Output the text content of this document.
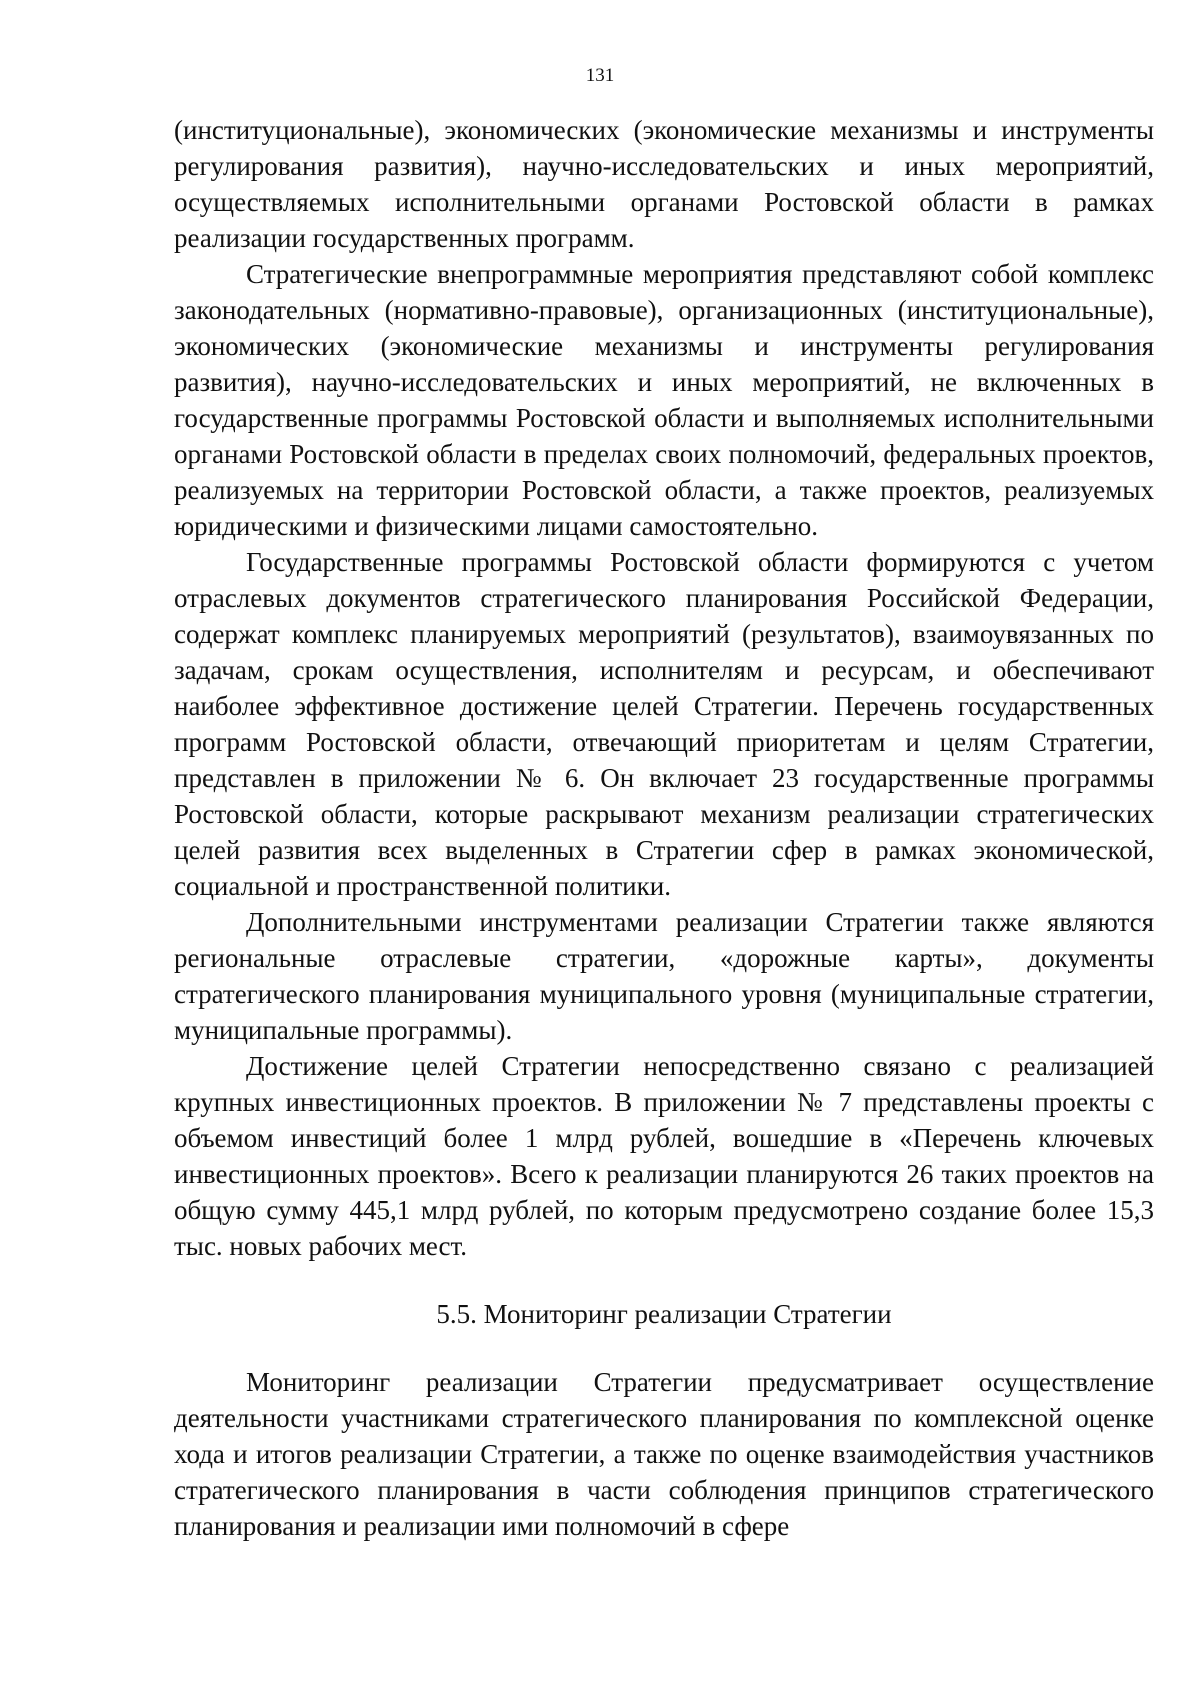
131

(институциональные), экономических (экономические механизмы и инструменты регулирования развития), научно-исследовательских и иных мероприятий, осуществляемых исполнительными органами Ростовской области в рамках реализации государственных программ.

Стратегические внепрограммные мероприятия представляют собой комплекс законодательных (нормативно-правовые), организационных (институциональные), экономических (экономические механизмы и инструменты регулирования развития), научно-исследовательских и иных мероприятий, не включенных в государственные программы Ростовской области и выполняемых исполнительными органами Ростовской области в пределах своих полномочий, федеральных проектов, реализуемых на территории Ростовской области, а также проектов, реализуемых юридическими и физическими лицами самостоятельно.

Государственные программы Ростовской области формируются с учетом отраслевых документов стратегического планирования Российской Федерации, содержат комплекс планируемых мероприятий (результатов), взаимоувязанных по задачам, срокам осуществления, исполнителям и ресурсам, и обеспечивают наиболее эффективное достижение целей Стратегии. Перечень государственных программ Ростовской области, отвечающий приоритетам и целям Стратегии, представлен в приложении № 6. Он включает 23 государственные программы Ростовской области, которые раскрывают механизм реализации стратегических целей развития всех выделенных в Стратегии сфер в рамках экономической, социальной и пространственной политики.

Дополнительными инструментами реализации Стратегии также являются региональные отраслевые стратегии, «дорожные карты», документы стратегического планирования муниципального уровня (муниципальные стратегии, муниципальные программы).

Достижение целей Стратегии непосредственно связано с реализацией крупных инвестиционных проектов. В приложении № 7 представлены проекты с объемом инвестиций более 1 млрд рублей, вошедшие в «Перечень ключевых инвестиционных проектов». Всего к реализации планируются 26 таких проектов на общую сумму 445,1 млрд рублей, по которым предусмотрено создание более 15,3 тыс. новых рабочих мест.

5.5. Мониторинг реализации Стратегии

Мониторинг реализации Стратегии предусматривает осуществление деятельности участниками стратегического планирования по комплексной оценке хода и итогов реализации Стратегии, а также по оценке взаимодействия участников стратегического планирования в части соблюдения принципов стратегического планирования и реализации ими полномочий в сфере
